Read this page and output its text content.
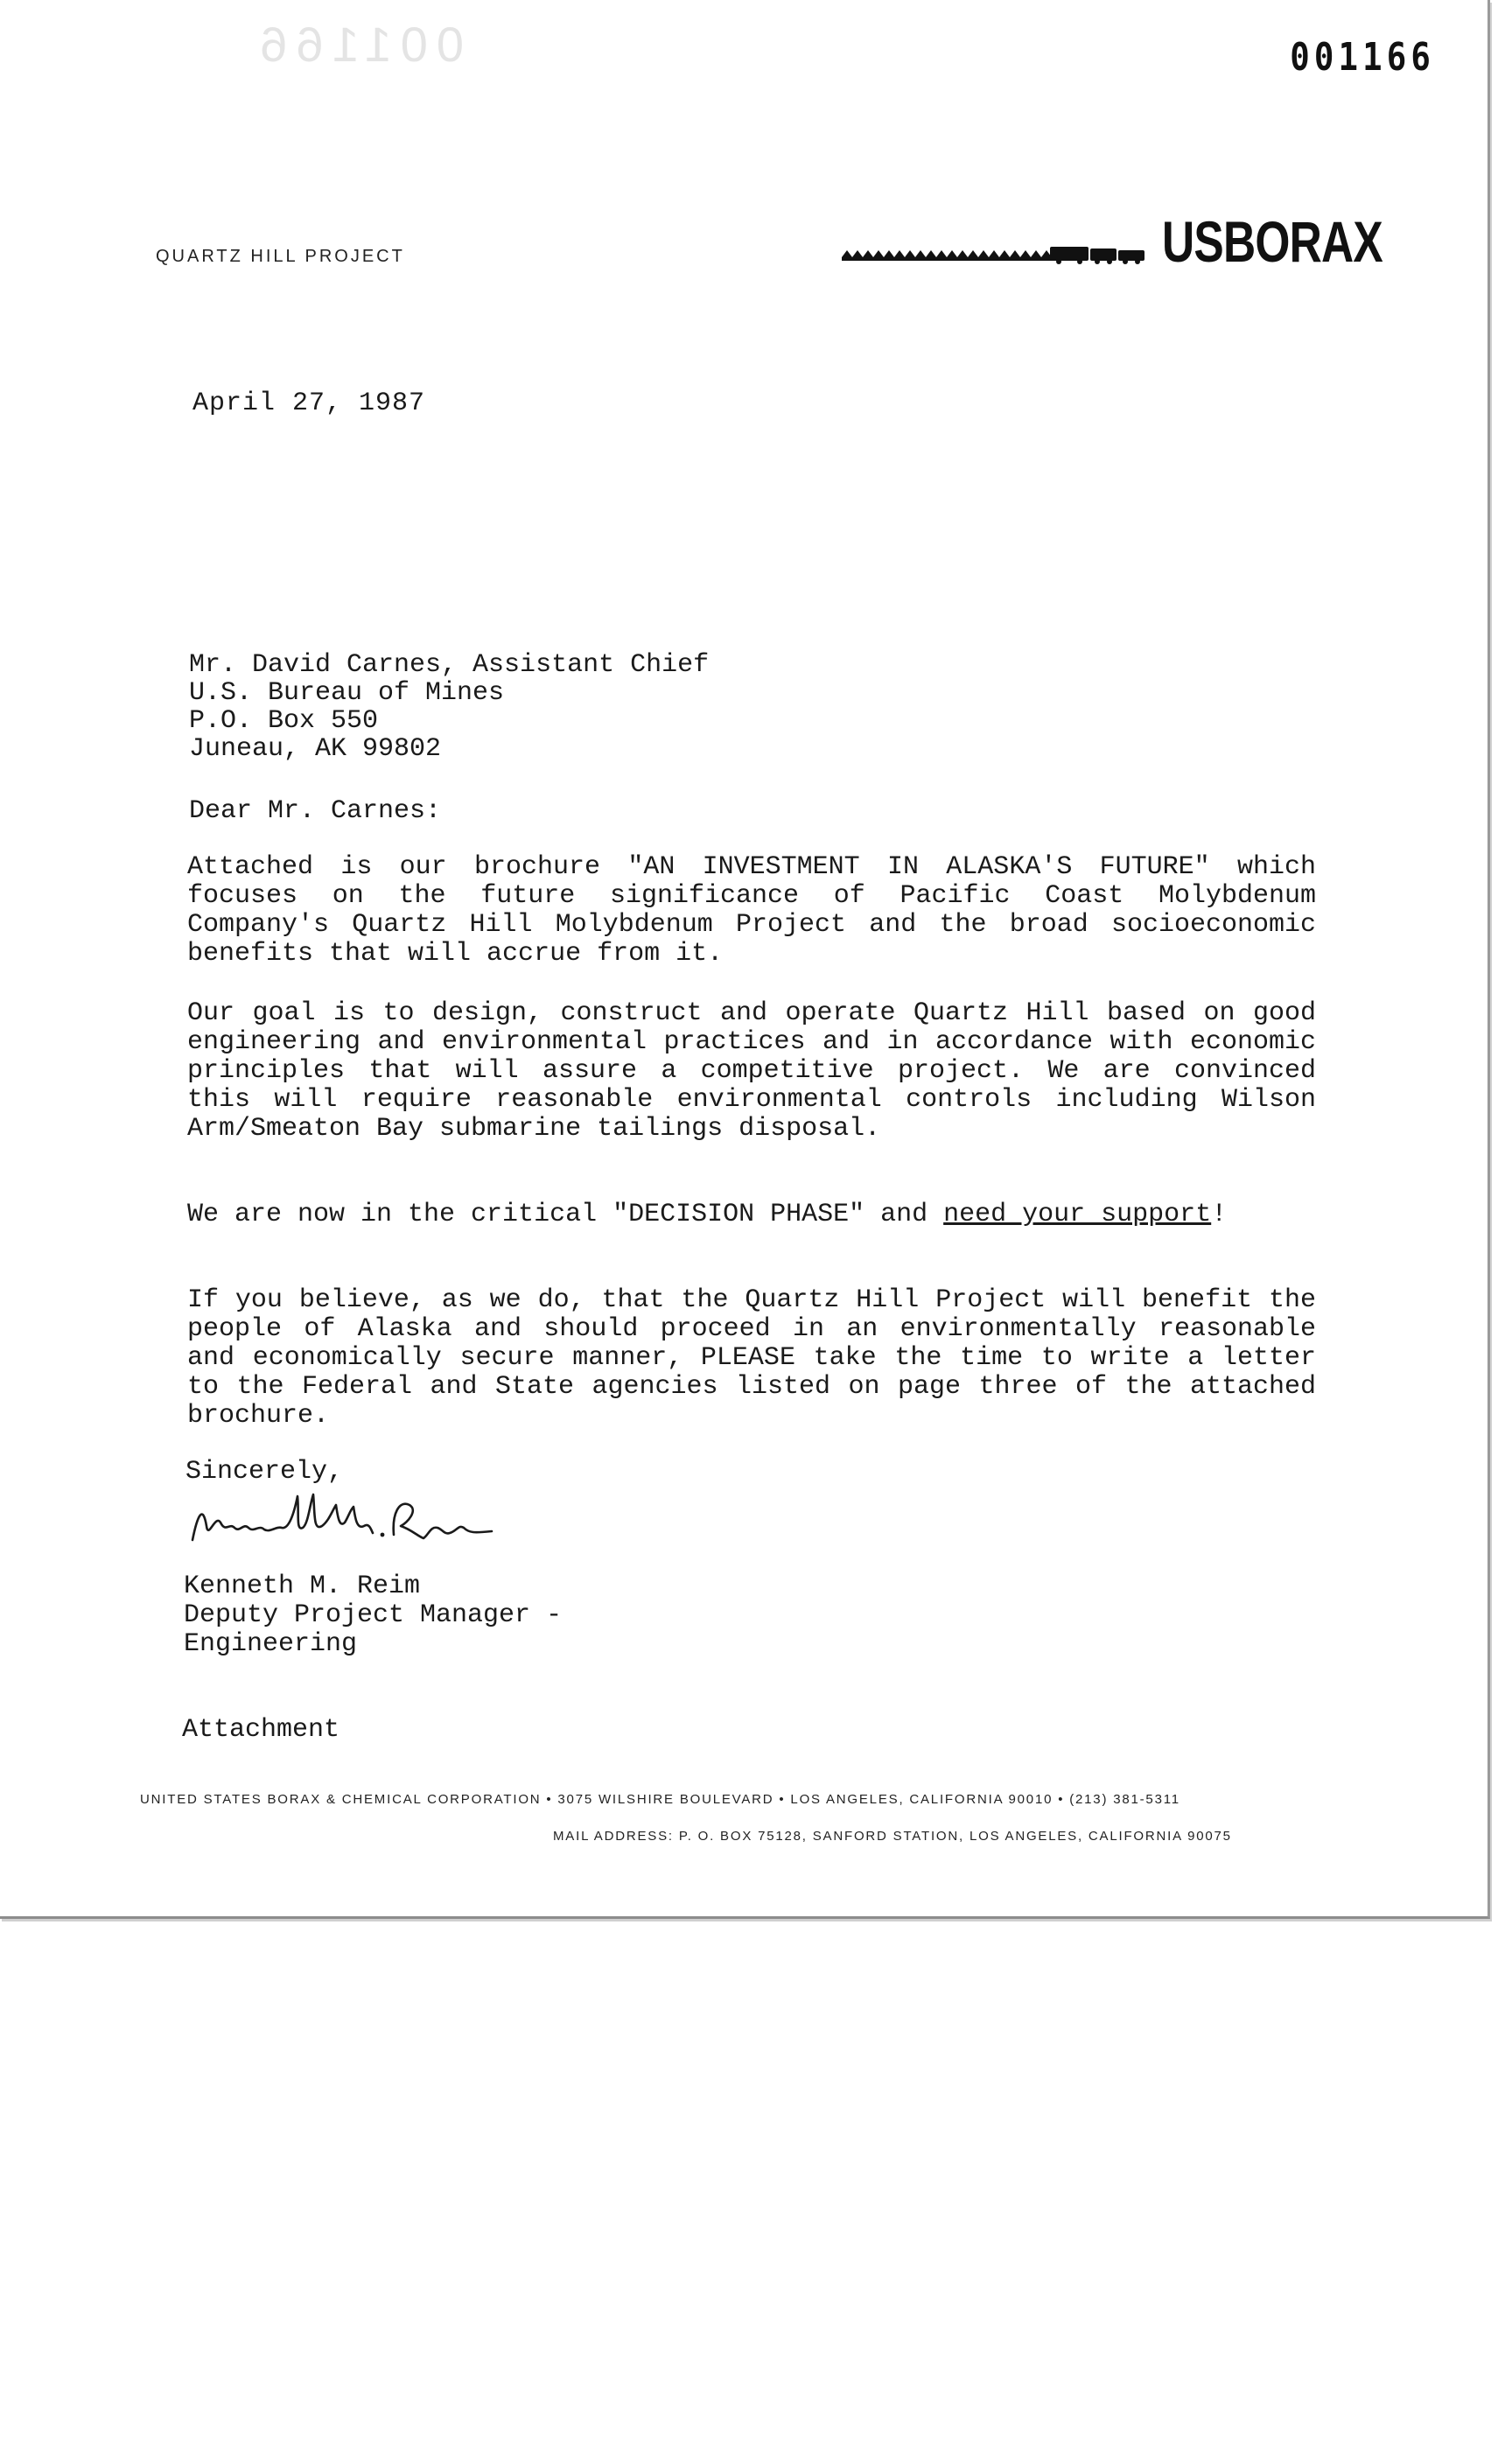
001166	001166
QUARTZ HILL PROJECT	USBORAX
April 27, 1987
Mr. David Carnes, Assistant Chief
U.S. Bureau of Mines
P.O. Box 550
Juneau, AK 99802
Dear Mr. Carnes:
Attached is our brochure "AN INVESTMENT IN ALASKA'S FUTURE" which focuses on the future significance of Pacific Coast Molybdenum Company's Quartz Hill Molybdenum Project and the broad socioeconomic benefits that will accrue from it.
Our goal is to design, construct and operate Quartz Hill based on good engineering and environmental practices and in accordance with economic principles that will assure a competitive project. We are convinced this will require reasonable environmental controls including Wilson Arm/Smeaton Bay submarine tailings disposal.
We are now in the critical "DECISION PHASE" and need your support!
If you believe, as we do, that the Quartz Hill Project will benefit the people of Alaska and should proceed in an environmentally reasonable and economically secure manner, PLEASE take the time to write a letter to the Federal and State agencies listed on page three of the attached brochure.
Sincerely,
Kenneth M. Reim
Deputy Project Manager -
Engineering
Attachment
UNITED STATES BORAX & CHEMICAL CORPORATION • 3075 WILSHIRE BOULEVARD • LOS ANGELES, CALIFORNIA 90010 • (213) 381-5311
MAIL ADDRESS: P. O. BOX 75128, SANFORD STATION, LOS ANGELES, CALIFORNIA 90075
